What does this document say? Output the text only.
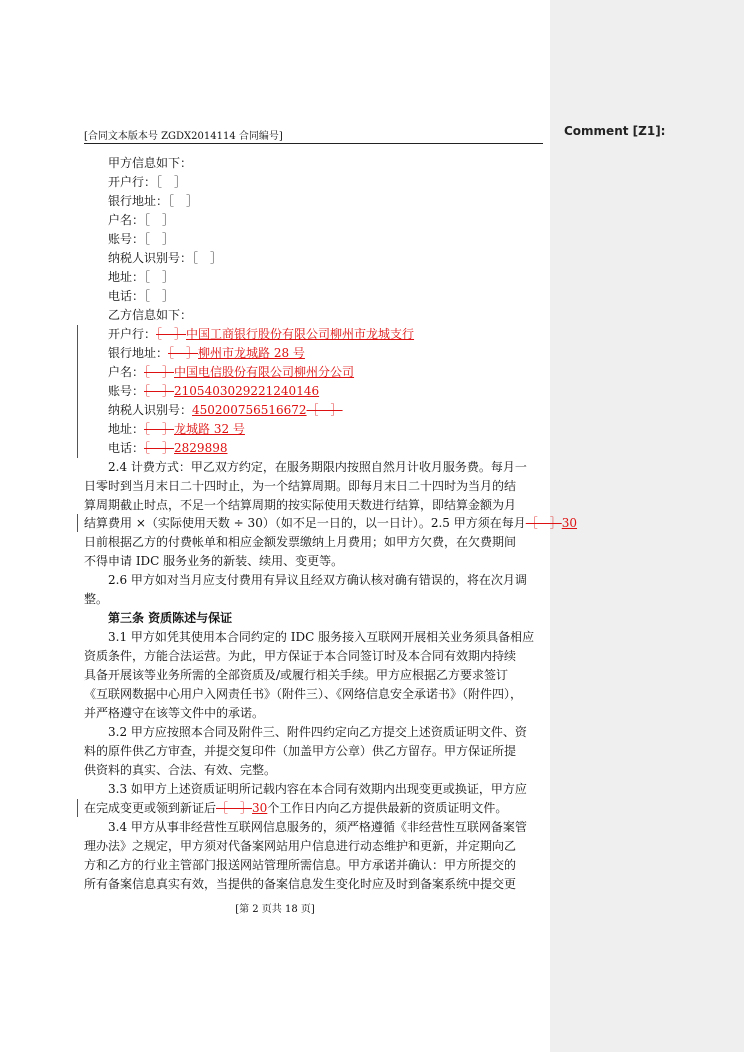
Comment [Z1]:
[合同文本版本号 ZGDX2014114 合同编号]
甲方信息如下：
开户行：［　］
银行地址：［　］
户名：［　］
账号：［　］
纳税人识别号：［　］
地址：［　］
电话：［　］
乙方信息如下：
开户行：［　］中国工商银行股份有限公司柳州市龙城支行
银行地址：［　］柳州市龙城路 28 号
户名：［　］中国电信股份有限公司柳州分公司
账号：［　］2105403029221240146
纳税人识别号：450200756516672［　］
地址：［　］龙城路 32 号
电话：［　］2829898
2.4 计费方式：甲乙双方约定，在服务期限内按照自然月计收月服务费。每月一
日零时到当月末日二十四时止，为一个结算周期。即每月末日二十四时为当月的结
算周期截止时点，不足一个结算周期的按实际使用天数进行结算，即结算金额为月
结算费用 ×（实际使用天数 ÷ 30）（如不足一日的，以一日计）。2.5 甲方须在每月［　］30
日前根据乙方的付费帐单和相应金额发票缴纳上月费用；如甲方欠费，在欠费期间
不得申请 IDC 服务业务的新装、续用、变更等。
2.6 甲方如对当月应支付费用有异议且经双方确认核对确有错误的，将在次月调
整。
第三条 资质陈述与保证
3.1 甲方如凭其使用本合同约定的 IDC 服务接入互联网开展相关业务须具备相应
资质条件，方能合法运营。为此，甲方保证于本合同签订时及本合同有效期内持续
具备开展该等业务所需的全部资质及/或履行相关手续。甲方应根据乙方要求签订
《互联网数据中心用户入网责任书》（附件三）、《网络信息安全承诺书》（附件四），
并严格遵守在该等文件中的承诺。
3.2 甲方应按照本合同及附件三、附件四约定向乙方提交上述资质证明文件、资
料的原件供乙方审查，并提交复印件（加盖甲方公章）供乙方留存。甲方保证所提
供资料的真实、合法、有效、完整。
3.3 如甲方上述资质证明所记载内容在本合同有效期内出现变更或换证，甲方应
在完成变更或领到新证后［　］30个工作日内向乙方提供最新的资质证明文件。
3.4 甲方从事非经营性互联网信息服务的，须严格遵循《非经营性互联网备案管
理办法》之规定，甲方须对代备案网站用户信息进行动态维护和更新，并定期向乙
方和乙方的行业主管部门报送网站管理所需信息。甲方承诺并确认：甲方所提交的
所有备案信息真实有效，当提供的备案信息发生变化时应及时到备案系统中提交更
[第 2 页共 18 页]
